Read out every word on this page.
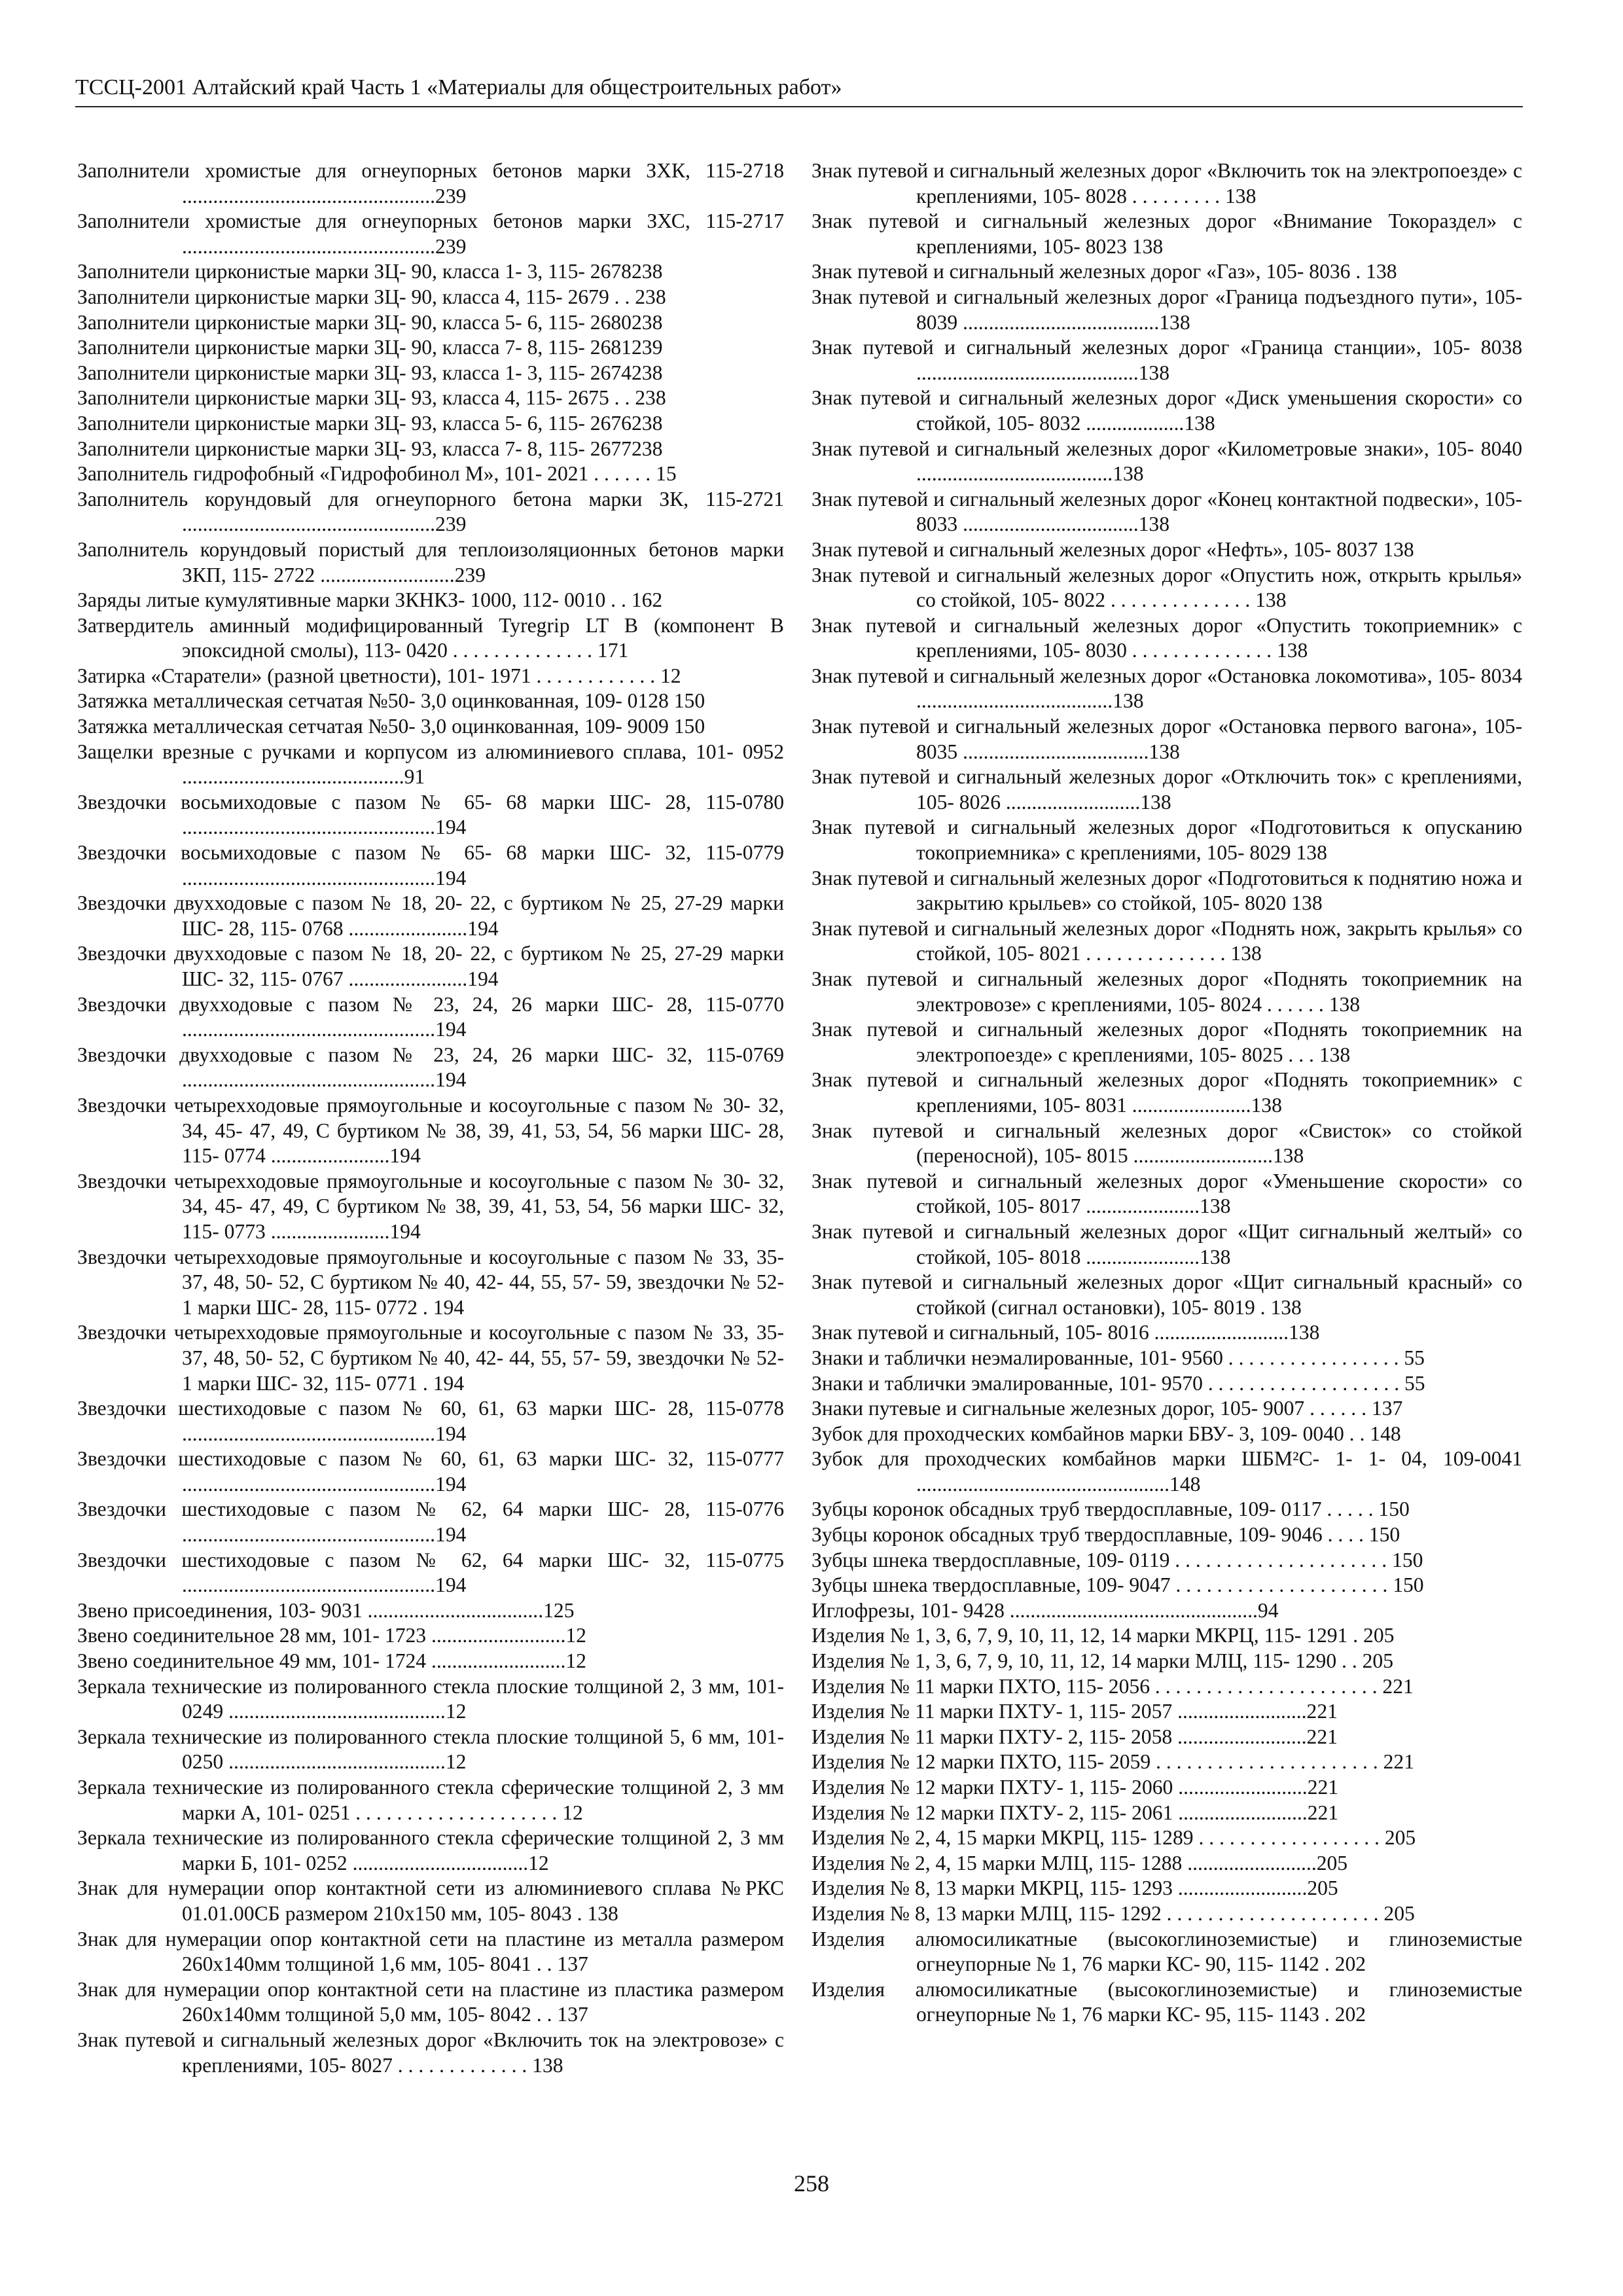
ТССЦ-2001 Алтайский край Часть 1 «Материалы для общестроительных работ»
Заполнители хромистые для огнеупорных бетонов марки ЗХК, 115-2718 .................................................239
Заполнители хромистые для огнеупорных бетонов марки ЗХС, 115-2717 .................................................239
Заполнители цирконистые марки ЗЦ- 90, класса 1- 3, 115- 2678238
Заполнители цирконистые марки ЗЦ- 90, класса 4, 115- 2679 . . 238
Заполнители цирконистые марки ЗЦ- 90, класса 5- 6, 115- 2680238
Заполнители цирконистые марки ЗЦ- 90, класса 7- 8, 115- 2681239
Заполнители цирконистые марки ЗЦ- 93, класса 1- 3, 115- 2674238
Заполнители цирконистые марки ЗЦ- 93, класса 4, 115- 2675 . . 238
Заполнители цирконистые марки ЗЦ- 93, класса 5- 6, 115- 2676238
Заполнители цирконистые марки ЗЦ- 93, класса 7- 8, 115- 2677238
Заполнитель гидрофобный «Гидрофобинол М», 101- 2021 . . . . . . 15
Заполнитель корундовый для огнеупорного бетона марки ЗК, 115-2721 .................................................239
Заполнитель корундовый пористый для теплоизоляционных бетонов марки ЗКП, 115- 2722 ..........................239
Заряды литые кумулятивные марки ЗКНКЗ- 1000, 112- 0010 . . 162
Затвердитель аминный модифицированный Tyregrip LT B (компонент В эпоксидной смолы), 113- 0420 . . . . . . . . . . . . . . 171
Затирка «Старатели» (разной цветности), 101- 1971 . . . . . . . . . . . . 12
Затяжка металлическая сетчатая №50- 3,0 оцинкованная, 109- 0128 150
Затяжка металлическая сетчатая №50- 3,0 оцинкованная, 109- 9009 150
Защелки врезные с ручками и корпусом из алюминиевого сплава, 101- 0952 ...........................................91
Звездочки восьмиходовые с пазом № 65- 68 марки ШС- 28, 115-0780 .................................................194
Звездочки восьмиходовые с пазом № 65- 68 марки ШС- 32, 115-0779 .................................................194
Звездочки двухходовые с пазом № 18, 20- 22, с буртиком № 25, 27-29 марки ШС- 28, 115- 0768 .......................194
Звездочки двухходовые с пазом № 18, 20- 22, с буртиком № 25, 27-29 марки ШС- 32, 115- 0767 .......................194
Звездочки двухходовые с пазом № 23, 24, 26 марки ШС- 28, 115-0770 .................................................194
Звездочки двухходовые с пазом № 23, 24, 26 марки ШС- 32, 115-0769 .................................................194
Звездочки четырехходовые прямоугольные и косоугольные с пазом № 30- 32, 34, 45- 47, 49, С буртиком № 38, 39, 41, 53, 54, 56 марки ШС- 28, 115- 0774 .......................194
Звездочки четырехходовые прямоугольные и косоугольные с пазом № 30- 32, 34, 45- 47, 49, С буртиком № 38, 39, 41, 53, 54, 56 марки ШС- 32, 115- 0773 .......................194
Звездочки четырехходовые прямоугольные и косоугольные с пазом № 33, 35- 37, 48, 50- 52, С буртиком № 40, 42- 44, 55, 57- 59, звездочки № 52- 1 марки ШС- 28, 115- 0772 . 194
Звездочки четырехходовые прямоугольные и косоугольные с пазом № 33, 35- 37, 48, 50- 52, С буртиком № 40, 42- 44, 55, 57- 59, звездочки № 52- 1 марки ШС- 32, 115- 0771 . 194
Звездочки шестиходовые с пазом № 60, 61, 63 марки ШС- 28, 115-0778 .................................................194
Звездочки шестиходовые с пазом № 60, 61, 63 марки ШС- 32, 115-0777 .................................................194
Звездочки шестиходовые с пазом № 62, 64 марки ШС- 28, 115-0776 .................................................194
Звездочки шестиходовые с пазом № 62, 64 марки ШС- 32, 115-0775 .................................................194
Звено присоединения, 103- 9031 ..................................125
Звено соединительное 28 мм, 101- 1723 ..........................12
Звено соединительное 49 мм, 101- 1724 ..........................12
Зеркала технические из полированного стекла плоские толщиной 2, 3 мм, 101- 0249 ..........................................12
Зеркала технические из полированного стекла плоские толщиной 5, 6 мм, 101- 0250 ..........................................12
Зеркала технические из полированного стекла сферические толщиной 2, 3 мм марки А, 101- 0251 . . . . . . . . . . . . . . . . . . . . 12
Зеркала технические из полированного стекла сферические толщиной 2, 3 мм марки Б, 101- 0252 ..................................12
Знак для нумерации опор контактной сети из алюминиевого сплава №РКС 01.01.00СБ размером 210х150 мм, 105- 8043 . 138
Знак для нумерации опор контактной сети на пластине из металла размером 260х140мм толщиной 1,6 мм, 105- 8041 . . 137
Знак для нумерации опор контактной сети на пластине из пластика размером 260х140мм толщиной 5,0 мм, 105- 8042 . . 137
Знак путевой и сигнальный железных дорог «Включить ток на электровозе» с креплениями, 105- 8027 . . . . . . . . . . . . . 138
Знак путевой и сигнальный железных дорог «Включить ток на электропоезде» с креплениями, 105- 8028 . . . . . . . . . 138
Знак путевой и сигнальный железных дорог «Внимание Токораздел» с креплениями, 105- 8023 138
Знак путевой и сигнальный железных дорог «Газ», 105- 8036 . 138
Знак путевой и сигнальный железных дорог «Граница подъездного пути», 105- 8039 ......................................138
Знак путевой и сигнальный железных дорог «Граница станции», 105- 8038 ...........................................138
Знак путевой и сигнальный железных дорог «Диск уменьшения скорости» со стойкой, 105- 8032 ...................138
Знак путевой и сигнальный железных дорог «Километровые знаки», 105- 8040 ......................................138
Знак путевой и сигнальный железных дорог «Конец контактной подвески», 105- 8033 ..................................138
Знак путевой и сигнальный железных дорог «Нефть», 105- 8037 138
Знак путевой и сигнальный железных дорог «Опустить нож, открыть крылья» со стойкой, 105- 8022 . . . . . . . . . . . . . . 138
Знак путевой и сигнальный железных дорог «Опустить токоприемник» с креплениями, 105- 8030 . . . . . . . . . . . . . . 138
Знак путевой и сигнальный железных дорог «Остановка локомотива», 105- 8034 ......................................138
Знак путевой и сигнальный железных дорог «Остановка первого вагона», 105- 8035 ....................................138
Знак путевой и сигнальный железных дорог «Отключить ток» с креплениями, 105- 8026 ..........................138
Знак путевой и сигнальный железных дорог «Подготовиться к опусканию токоприемника» с креплениями, 105- 8029 138
Знак путевой и сигнальный железных дорог «Подготовиться к поднятию ножа и закрытию крыльев» со стойкой, 105- 8020 138
Знак путевой и сигнальный железных дорог «Поднять нож, закрыть крылья» со стойкой, 105- 8021 . . . . . . . . . . . . . . 138
Знак путевой и сигнальный железных дорог «Поднять токоприемник на электровозе» с креплениями, 105- 8024 . . . . . . 138
Знак путевой и сигнальный железных дорог «Поднять токоприемник на электропоезде» с креплениями, 105- 8025 . . . 138
Знак путевой и сигнальный железных дорог «Поднять токоприемник» с креплениями, 105- 8031 .......................138
Знак путевой и сигнальный железных дорог «Свисток» со стойкой (переносной), 105- 8015 ...........................138
Знак путевой и сигнальный железных дорог «Уменьшение скорости» со стойкой, 105- 8017 ......................138
Знак путевой и сигнальный железных дорог «Щит сигнальный желтый» со стойкой, 105- 8018 ......................138
Знак путевой и сигнальный железных дорог «Щит сигнальный красный» со стойкой (сигнал остановки), 105- 8019 . 138
Знак путевой и сигнальный, 105- 8016 ..........................138
Знаки и таблички неэмалированные, 101- 9560 . . . . . . . . . . . . . . . . . 55
Знаки и таблички эмалированные, 101- 9570 . . . . . . . . . . . . . . . . . . . 55
Знаки путевые и сигнальные железных дорог, 105- 9007 . . . . . . 137
Зубок для проходческих комбайнов марки БВУ- 3, 109- 0040 . . 148
Зубок для проходческих комбайнов марки ШБМ²С- 1- 1- 04, 109-0041 .................................................148
Зубцы коронок обсадных труб твердосплавные, 109- 0117 . . . . . 150
Зубцы коронок обсадных труб твердосплавные, 109- 9046 . . . . 150
Зубцы шнека твердосплавные, 109- 0119 . . . . . . . . . . . . . . . . . . . . . 150
Зубцы шнека твердосплавные, 109- 9047 . . . . . . . . . . . . . . . . . . . . . 150
Иглофрезы, 101- 9428 ................................................94
Изделия № 1, 3, 6, 7, 9, 10, 11, 12, 14 марки МКРЦ, 115- 1291 . 205
Изделия № 1, 3, 6, 7, 9, 10, 11, 12, 14 марки МЛЦ, 115- 1290 . . 205
Изделия № 11 марки ПХТО, 115- 2056 . . . . . . . . . . . . . . . . . . . . . . 221
Изделия № 11 марки ПХТУ- 1, 115- 2057 .........................221
Изделия № 11 марки ПХТУ- 2, 115- 2058 .........................221
Изделия № 12 марки ПХТО, 115- 2059 . . . . . . . . . . . . . . . . . . . . . . 221
Изделия № 12 марки ПХТУ- 1, 115- 2060 .........................221
Изделия № 12 марки ПХТУ- 2, 115- 2061 .........................221
Изделия № 2, 4, 15 марки МКРЦ, 115- 1289 . . . . . . . . . . . . . . . . . . 205
Изделия № 2, 4, 15 марки МЛЦ, 115- 1288 .........................205
Изделия № 8, 13 марки МКРЦ, 115- 1293 .........................205
Изделия № 8, 13 марки МЛЦ, 115- 1292 . . . . . . . . . . . . . . . . . . . . . 205
Изделия алюмосиликатные (высокоглиноземистые) и глиноземистые огнеупорные № 1, 76 марки КС- 90, 115- 1142 . 202
Изделия алюмосиликатные (высокоглиноземистые) и глиноземистые огнеупорные № 1, 76 марки КС- 95, 115- 1143 . 202
258
